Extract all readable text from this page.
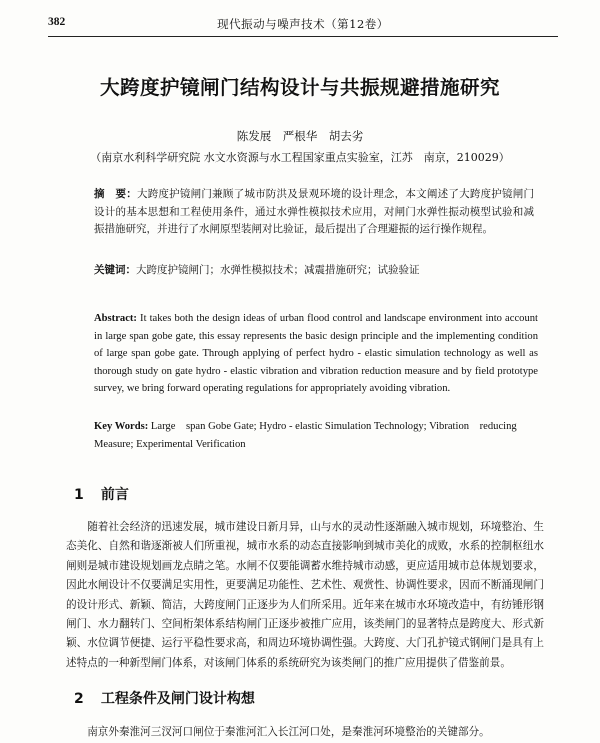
382	现代振动与噪声技术（第12卷）
大跨度护镜闸门结构设计与共振规避措施研究
陈发展　严根华　胡去劣
（南京水利科学研究院 水文水资源与水工程国家重点实验室，江苏　南京，210029）
摘　要：大跨度护镜闸门兼顾了城市防洪及景观环境的设计理念，本文阐述了大跨度护镜闸门设计的基本思想和工程使用条件，通过水弹性模拟技术应用，对闸门水弹性振动模型试验和减振措施研究，并进行了水闸原型装闸对比验证，最后提出了合理避振的运行操作规程。
关键词：大跨度护镜闸门；水弹性模拟技术；减震措施研究；试验验证
Abstract: It takes both the design ideas of urban flood control and landscape environment into account in large span gobe gate, this essay represents the basic design principle and the implementing condition of large span gobe gate. Through applying of perfect hydro - elastic simulation technology as well as thorough study on gate hydro - elastic vibration and vibration reduction measure and by field prototype survey, we bring forward operating regulations for appropriately avoiding vibration.
Key Words: Large　span Gobe Gate; Hydro - elastic Simulation Technology; Vibration　reducing Measure; Experimental Verification
1 前言
随着社会经济的迅速发展，城市建设日新月异，山与水的灵动性逐渐融入城市规划，环境整治、生态美化、自然和谐逐渐被人们所重视，城市水系的动态直接影响到城市美化的成败，水系的控制枢纽水闸则是城市建设规划画龙点睛之笔。水闸不仅要能调蓄水维持城市动感，更应适用城市总体规划要求，因此水闸设计不仅要满足实用性，更要满足功能性、艺术性、观赏性、协调性要求，因而不断涌现闸门的设计形式、新颖、简洁，大跨度闸门正逐步为人们所采用。近年来在城市水环境改造中，有纺锤形钢闸门、水力翻转门、空间桁架体系结构闸门正逐步被推广应用，该类闸门的显著特点是跨度大、形式新颖、水位调节便捷、运行平稳性要求高，和周边环境协调性强。大跨度、大门孔护镜式钢闸门是具有上述特点的一种新型闸门体系，对该闸门体系的系统研究为该类闸门的推广应用提供了借鉴前景。
2 工程条件及闸门设计构想
南京外秦淮河三汊河口闸位于秦淮河汇入长江河口处，是秦淮河环境整治的关键部分。
